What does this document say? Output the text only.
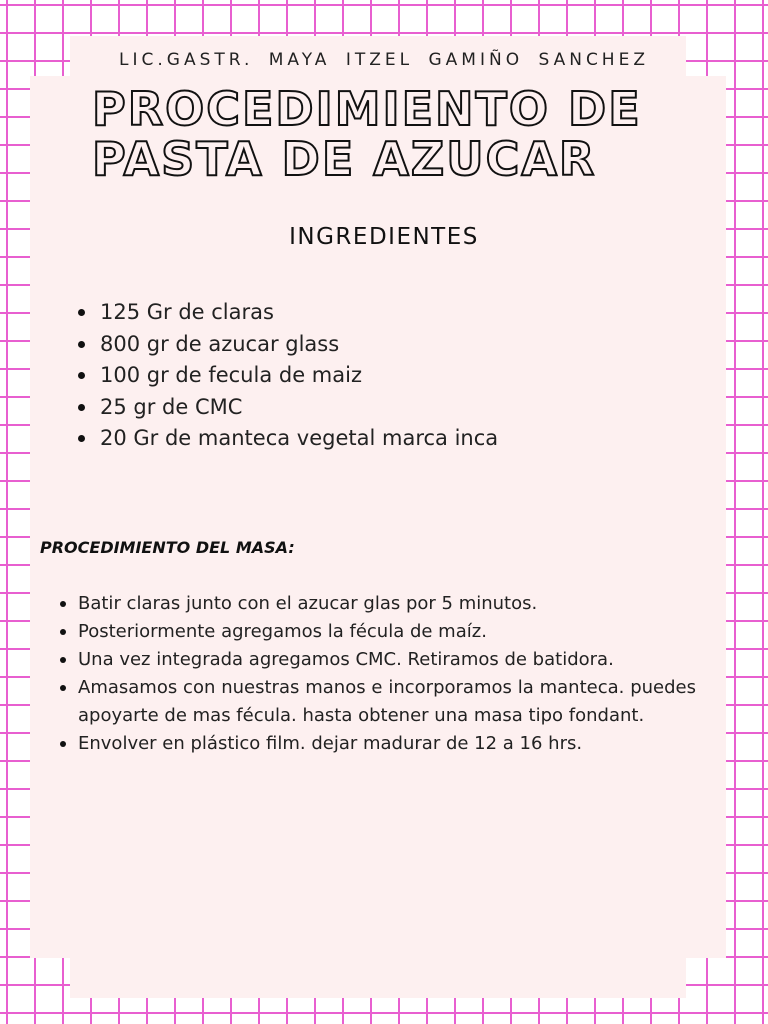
LIC.GASTR. MAYA ITZEL GAMIÑO SANCHEZ
PROCEDIMIENTO DE
PASTA DE AZUCAR
INGREDIENTES
125 Gr de claras
800 gr de azucar glass
100 gr de fecula de maiz
25 gr de CMC
20 Gr de manteca vegetal marca inca
PROCEDIMIENTO DEL MASA:
Batir claras junto con el azucar glas por 5 minutos.
Posteriormente agregamos la fécula de maíz.
Una vez integrada agregamos CMC. Retiramos de batidora.
Amasamos con nuestras manos e incorporamos la manteca. puedes apoyarte de mas fécula. hasta obtener una masa tipo fondant.
Envolver en plástico film. dejar madurar de 12 a 16 hrs.
